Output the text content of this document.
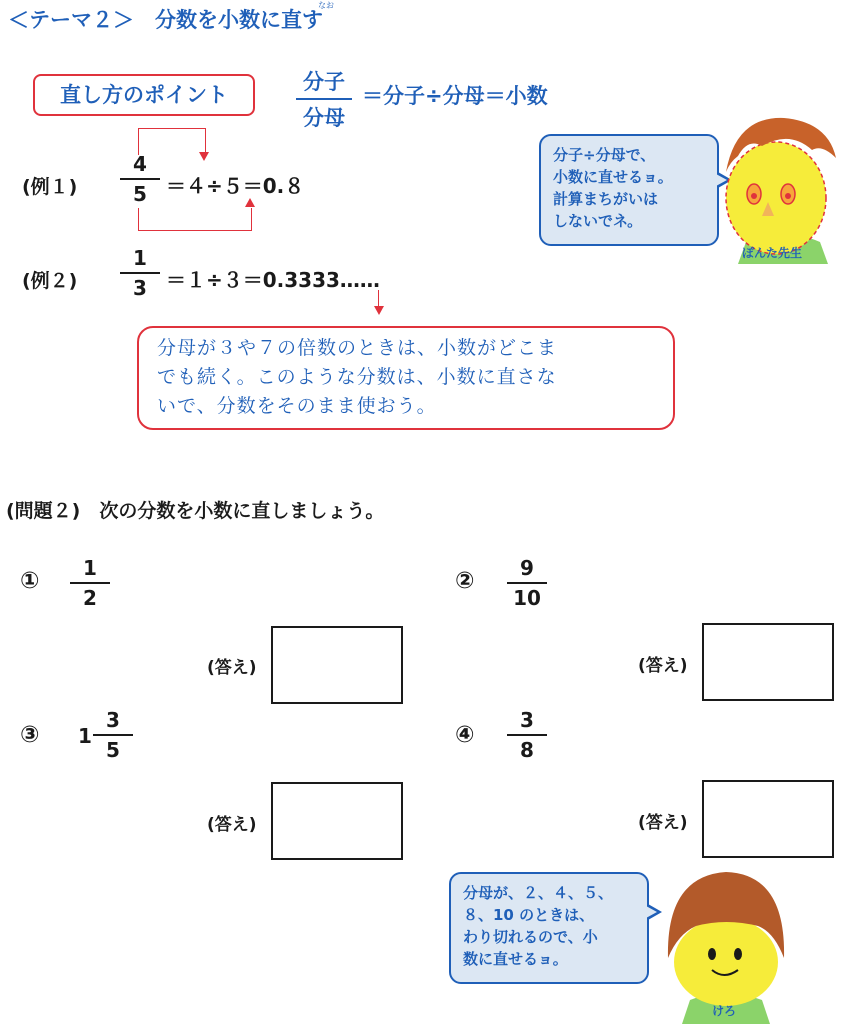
＜テーマ２＞　分数を小数に直す
なお
直し方のポイント
分子
分母
＝分子÷分母＝小数
(例１)
4
5 ＝４÷５＝0.８
(例２)
1
3 ＝１÷３＝0.3333……
分母が３や７の倍数のときは、小数がどこま
でも続く。このような分数は、小数に直さな
いで、分数をそのまま使おう。
分子÷分母で、
小数に直せるョ。
計算まちがいは
しないでネ。
ぽんた先生
(問題２)　次の分数を小数に直しましょう。
①	1
2
(答え)
②	9
10
(答え)
③ 1
3
5
(答え)
④
3
8
(答え)
分母が、２、４、５、
８、10 のときは、
わり切れるので、小
数に直せるョ。
けろ
